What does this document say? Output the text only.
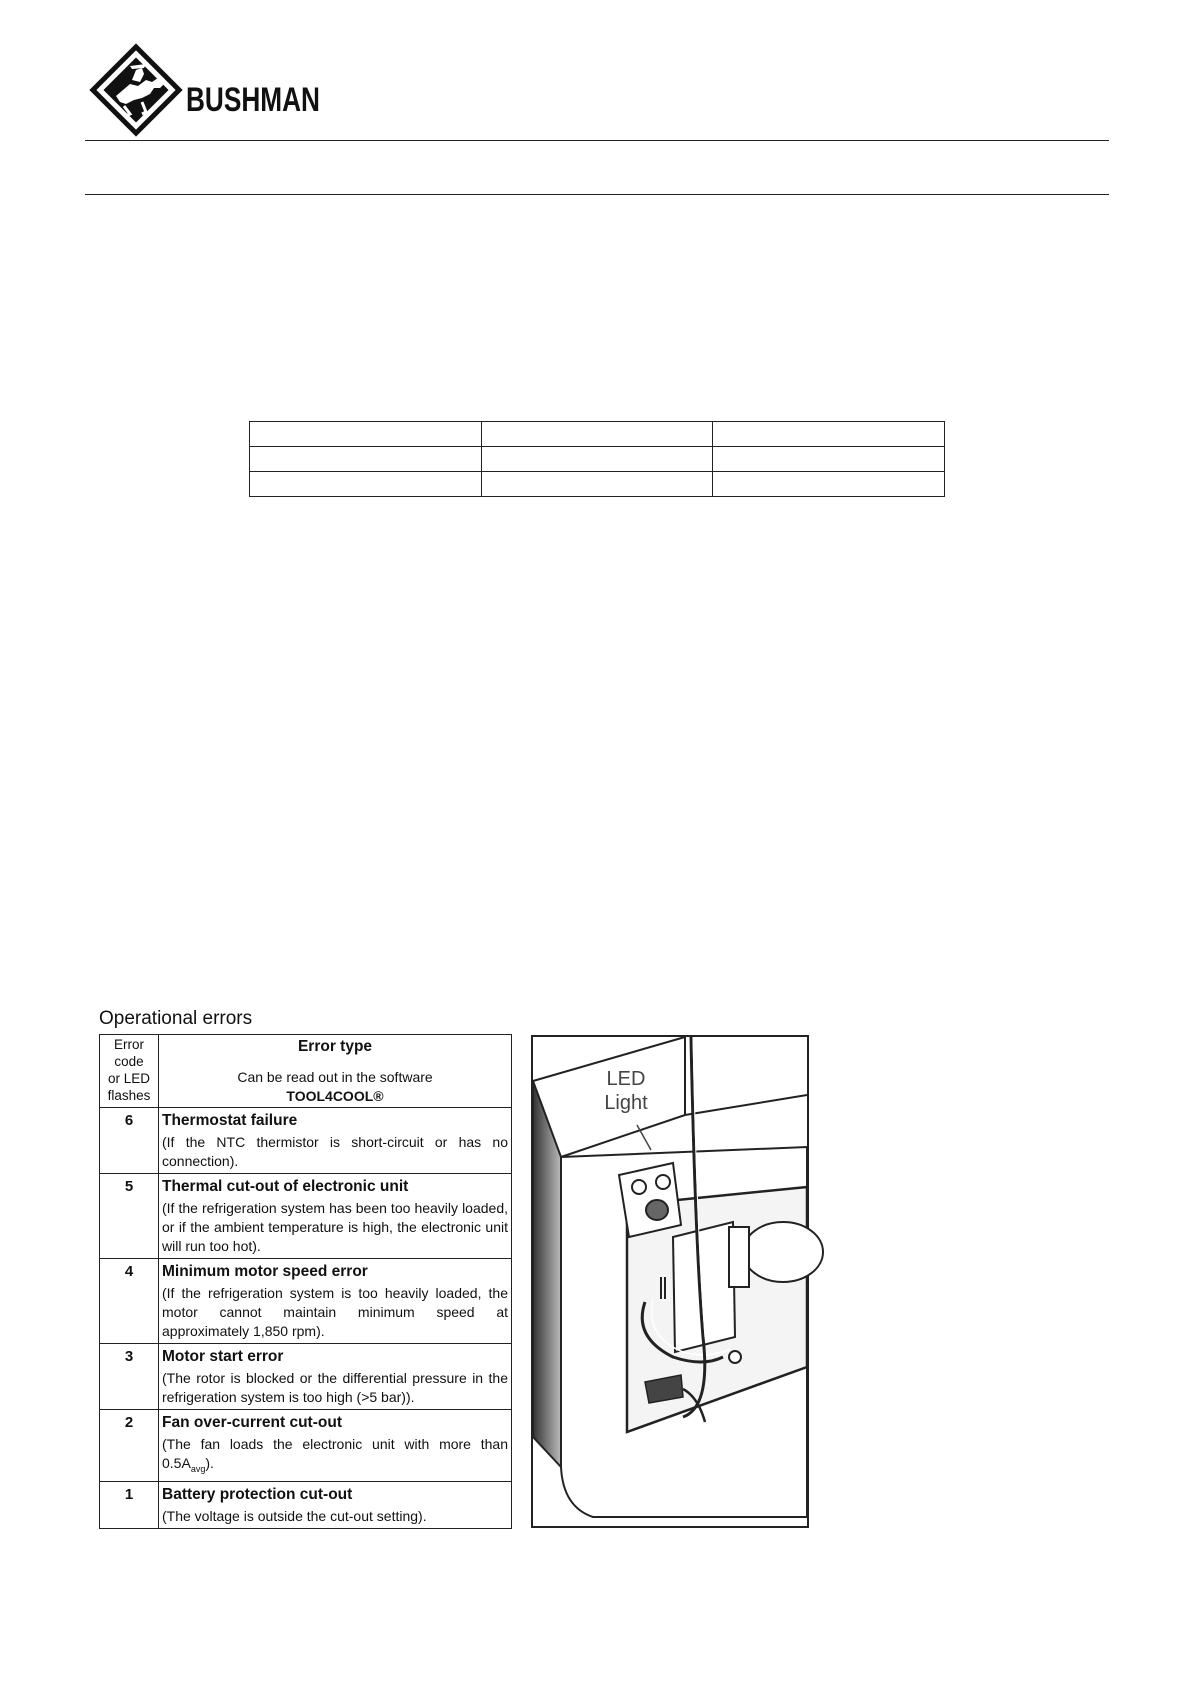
BUSHMAN

Operational errors
Error
code
or LED
flashes	Error type
Can be read out in the software
TOOL4COOL®

6	Thermostat failure
(If the NTC thermistor is short-circuit or has no connection).

5	Thermal cut-out of electronic unit
(If the refrigeration system has been too heavily loaded, or if the ambient temperature is high, the electronic unit will run too hot).

4	Minimum motor speed error
(If the refrigeration system is too heavily loaded, the motor cannot maintain minimum speed at approximately 1,850 rpm).

3	Motor start error
(The rotor is blocked or the differential pressure in the refrigeration system is too high (>5 bar)).

2	Fan over-current cut-out
(The fan loads the electronic unit with more than $0.5A_{avg}$).

1	Battery protection cut-out
(The voltage is outside the cut-out setting).
LED
Light
